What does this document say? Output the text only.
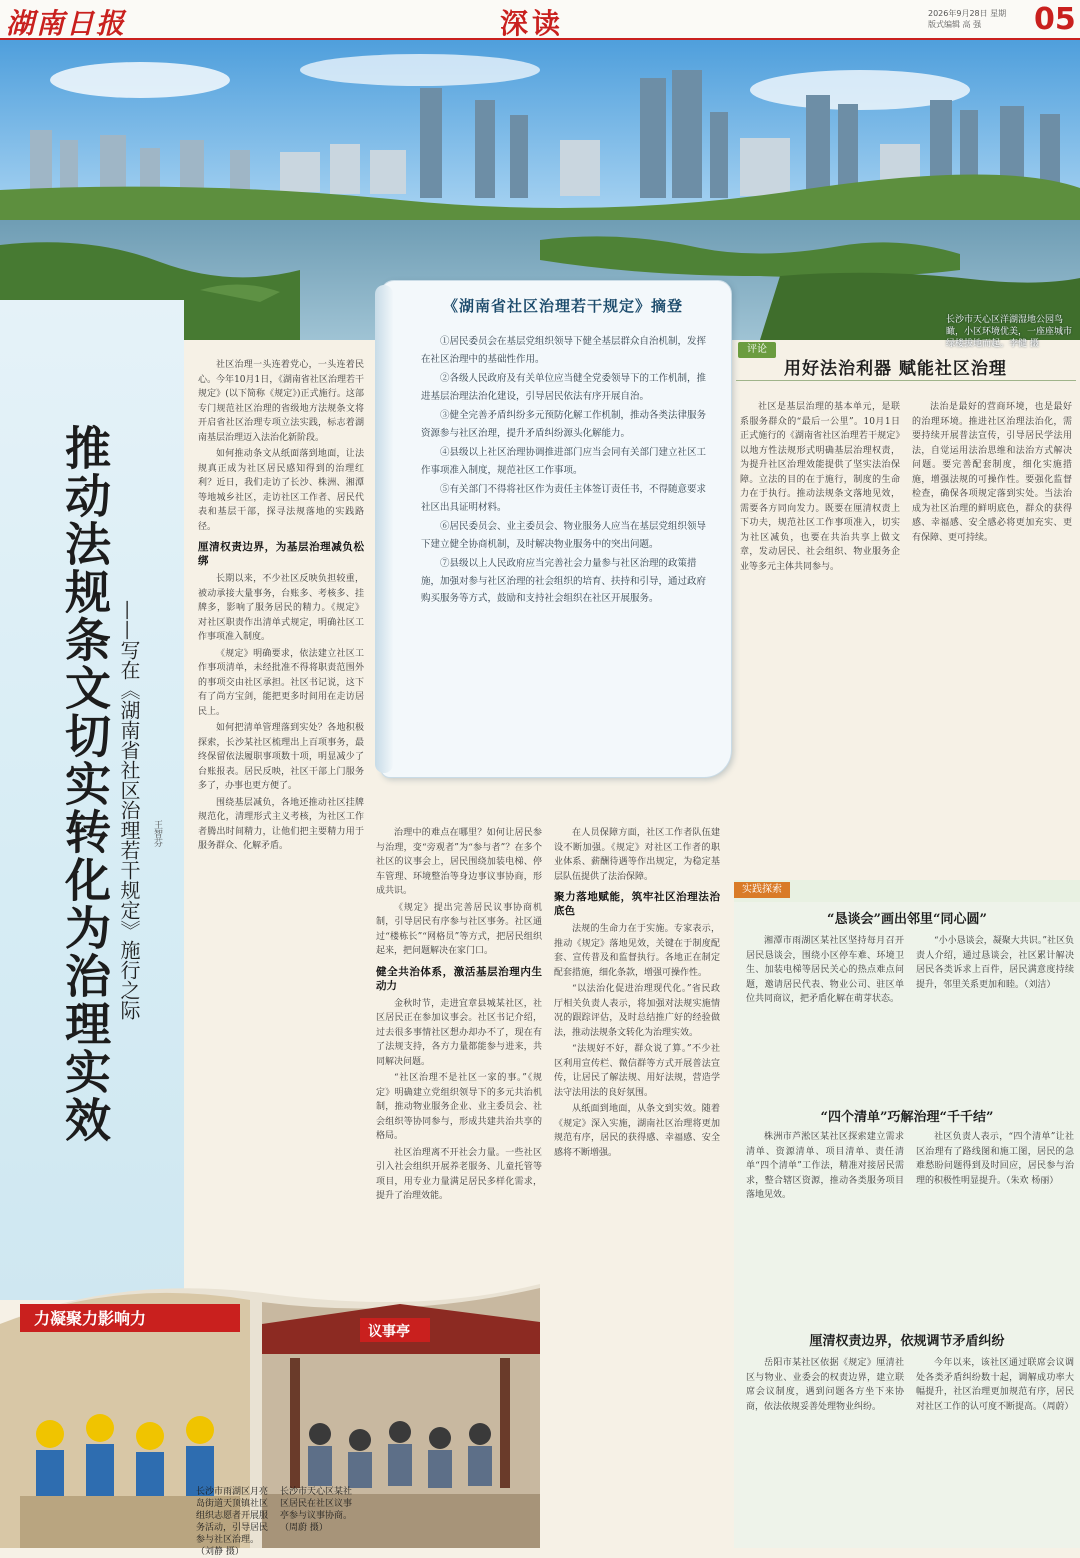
湖南日报	深读	2026年9月28日 星期
版式编辑 高 强	05
长沙市天心区洋湖湿地公园鸟瞰，小区环境优美，一座座城市绿楼拔地而起。李健 摄
推动法规条文切实转化为治理实效 ——写在《湖南省社区治理若干规定》施行之际	王智芬

社区治理一头连着党心，一头连着民心。今年10月1日，《湖南省社区治理若干规定》(以下简称《规定》)正式施行。这部专门规范社区治理的省级地方法规条文将开启省社区治理专项立法实践，标志着湖南基层治理迈入法治化新阶段。

如何推动条文从纸面落到地面，让法规真正成为社区居民感知得到的治理红利？近日，我们走访了长沙、株洲、湘潭等地城乡社区，走访社区工作者、居民代表和基层干部，探寻法规落地的实践路径。

厘清权责边界，为基层治理减负松绑

长期以来，不少社区反映负担较重，被动承接大量事务，台账多、考核多、挂牌多，影响了服务居民的精力。《规定》对社区职责作出清单式规定，明确社区工作事项准入制度。

《规定》明确要求，依法建立社区工作事项清单，未经批准不得将职责范围外的事项交由社区承担。社区书记说，这下有了尚方宝剑，能把更多时间用在走访居民上。

如何把清单管理落到实处？各地积极探索，长沙某社区梳理出上百项事务，最终保留依法履职事项数十项，明显减少了台账报表。居民反映，社区干部上门服务多了，办事也更方便了。

围绕基层减负，各地还推动社区挂牌规范化，清理形式主义考核，为社区工作者腾出时间精力，让他们把主要精力用于服务群众、化解矛盾。

治理中的难点在哪里？如何让居民参与治理，变“旁观者”为“参与者”？在多个社区的议事会上，居民围绕加装电梯、停车管理、环境整治等身边事议事协商，形成共识。

《规定》提出完善居民议事协商机制，引导居民有序参与社区事务。社区通过“楼栋长”“网格员”等方式，把居民组织起来，把问题解决在家门口。

健全共治体系，激活基层治理内生动力

金秋时节，走进宜章县城某社区，社区居民正在参加议事会。社区书记介绍，过去很多事情社区想办却办不了，现在有了法规支持，各方力量都能参与进来，共同解决问题。

“社区治理不是社区一家的事。”《规定》明确建立党组织领导下的多元共治机制，推动物业服务企业、业主委员会、社会组织等协同参与，形成共建共治共享的格局。

社区治理离不开社会力量。一些社区引入社会组织开展养老服务、儿童托管等项目，用专业力量满足居民多样化需求，提升了治理效能。

在人员保障方面，社区工作者队伍建设不断加强。《规定》对社区工作者的职业体系、薪酬待遇等作出规定，为稳定基层队伍提供了法治保障。

聚力落地赋能，筑牢社区治理法治底色

法规的生命力在于实施。专家表示，推动《规定》落地见效，关键在于制度配套、宣传普及和监督执行。各地正在制定配套措施，细化条款，增强可操作性。

“以法治化促进治理现代化。”省民政厅相关负责人表示，将加强对法规实施情况的跟踪评估，及时总结推广好的经验做法，推动法规条文转化为治理实效。

“法规好不好，群众说了算。”不少社区利用宣传栏、微信群等方式开展普法宣传，让居民了解法规、用好法规，营造学法守法用法的良好氛围。

从纸面到地面，从条文到实效。随着《规定》深入实施，湖南社区治理将更加规范有序，居民的获得感、幸福感、安全感将不断增强。

《湖南省社区治理若干规定》摘登

①居民委员会在基层党组织领导下健全基层群众自治机制，发挥在社区治理中的基础性作用。

②各级人民政府及有关单位应当健全党委领导下的工作机制，推进基层治理法治化建设，引导居民依法有序开展自治。

③健全完善矛盾纠纷多元预防化解工作机制，推动各类法律服务资源参与社区治理，提升矛盾纠纷源头化解能力。

④县级以上社区治理协调推进部门应当会同有关部门建立社区工作事项准入制度，规范社区工作事项。

⑤有关部门不得将社区作为责任主体签订责任书，不得随意要求社区出具证明材料。

⑥居民委员会、业主委员会、物业服务人应当在基层党组织领导下建立健全协商机制，及时解决物业服务中的突出问题。

⑦县级以上人民政府应当完善社会力量参与社区治理的政策措施，加强对参与社区治理的社会组织的培育、扶持和引导，通过政府购买服务等方式，鼓励和支持社会组织在社区开展服务。

评论
用好法治利器 赋能社区治理

社区是基层治理的基本单元，是联系服务群众的“最后一公里”。10月1日正式施行的《湖南省社区治理若干规定》以地方性法规形式明确基层治理权责，为提升社区治理效能提供了坚实法治保障。立法的目的在于施行，制度的生命力在于执行。推动法规条文落地见效，需要各方同向发力。既要在厘清权责上下功夫，规范社区工作事项准入，切实为社区减负，也要在共治共享上做文章，发动居民、社会组织、物业服务企业等多元主体共同参与。

法治是最好的营商环境，也是最好的治理环境。推进社区治理法治化，需要持续开展普法宣传，引导居民学法用法，自觉运用法治思维和法治方式解决问题。要完善配套制度，细化实施措施，增强法规的可操作性。要强化监督检查，确保各项规定落到实处。当法治成为社区治理的鲜明底色，群众的获得感、幸福感、安全感必将更加充实、更有保障、更可持续。

实践探索
“恳谈会”画出邻里“同心圆”

湘潭市雨湖区某社区坚持每月召开居民恳谈会，围绕小区停车难、环境卫生、加装电梯等居民关心的热点难点问题，邀请居民代表、物业公司、驻区单位共同商议，把矛盾化解在萌芽状态。

“小小恳谈会，凝聚大共识。”社区负责人介绍，通过恳谈会，社区累计解决居民各类诉求上百件，居民满意度持续提升，邻里关系更加和睦。（刘洁）

“四个清单”巧解治理“千千结”

株洲市芦淞区某社区探索建立需求清单、资源清单、项目清单、责任清单“四个清单”工作法，精准对接居民需求，整合辖区资源，推动各类服务项目落地见效。

社区负责人表示，“四个清单”让社区治理有了路线图和施工图，居民的急难愁盼问题得到及时回应，居民参与治理的积极性明显提升。（朱欢 杨丽）

厘清权责边界，依规调节矛盾纠纷

岳阳市某社区依据《规定》厘清社区与物业、业委会的权责边界，建立联席会议制度，遇到问题各方坐下来协商，依法依规妥善处理物业纠纷。

今年以来，该社区通过联席会议调处各类矛盾纠纷数十起，调解成功率大幅提升，社区治理更加规范有序，居民对社区工作的认可度不断提高。（周蔚）

力凝聚力影响力
议事亭
长沙市雨湖区月亮岛街道天顶镇社区组织志愿者开展服务活动，引导居民参与社区治理。（刘静 摄）
长沙市天心区某社区居民在社区议事亭参与议事协商。（周蔚 摄）
